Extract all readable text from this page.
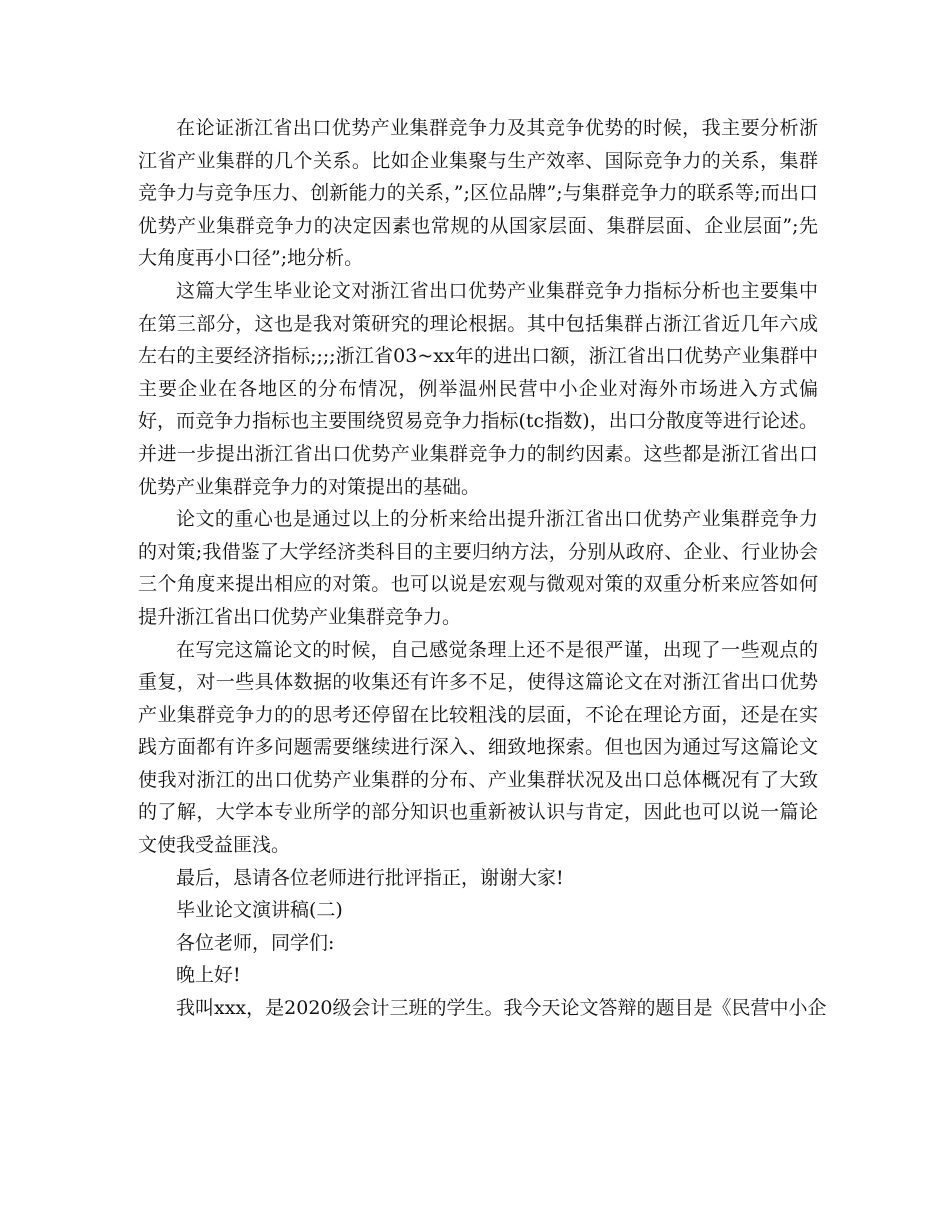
在论证浙江省出口优势产业集群竞争力及其竞争优势的时候，我主要分析浙江省产业集群的几个关系。比如企业集聚与生产效率、国际竞争力的关系，集群竞争力与竞争压力、创新能力的关系，”;区位品牌”;与集群竞争力的联系等;而出口优势产业集群竞争力的决定因素也常规的从国家层面、集群层面、企业层面”;先大角度再小口径”;地分析。

这篇大学生毕业论文对浙江省出口优势产业集群竞争力指标分析也主要集中在第三部分，这也是我对策研究的理论根据。其中包括集群占浙江省近几年六成左右的主要经济指标;;;;浙江省03~xx年的进出口额，浙江省出口优势产业集群中主要企业在各地区的分布情况，例举温州民营中小企业对海外市场进入方式偏好，而竞争力指标也主要围绕贸易竞争力指标(tc指数)，出口分散度等进行论述。并进一步提出浙江省出口优势产业集群竞争力的制约因素。这些都是浙江省出口优势产业集群竞争力的对策提出的基础。

论文的重心也是通过以上的分析来给出提升浙江省出口优势产业集群竞争力的对策;我借鉴了大学经济类科目的主要归纳方法，分别从政府、企业、行业协会三个角度来提出相应的对策。也可以说是宏观与微观对策的双重分析来应答如何提升浙江省出口优势产业集群竞争力。

在写完这篇论文的时候，自己感觉条理上还不是很严谨，出现了一些观点的重复，对一些具体数据的收集还有许多不足，使得这篇论文在对浙江省出口优势产业集群竞争力的的思考还停留在比较粗浅的层面，不论在理论方面，还是在实践方面都有许多问题需要继续进行深入、细致地探索。但也因为通过写这篇论文使我对浙江的出口优势产业集群的分布、产业集群状况及出口总体概况有了大致的了解，大学本专业所学的部分知识也重新被认识与肯定，因此也可以说一篇论文使我受益匪浅。

最后，恳请各位老师进行批评指正，谢谢大家!

毕业论文演讲稿(二)

各位老师，同学们:

晚上好!

我叫xxx，是2020级会计三班的学生。我今天论文答辩的题目是《民营中小企
